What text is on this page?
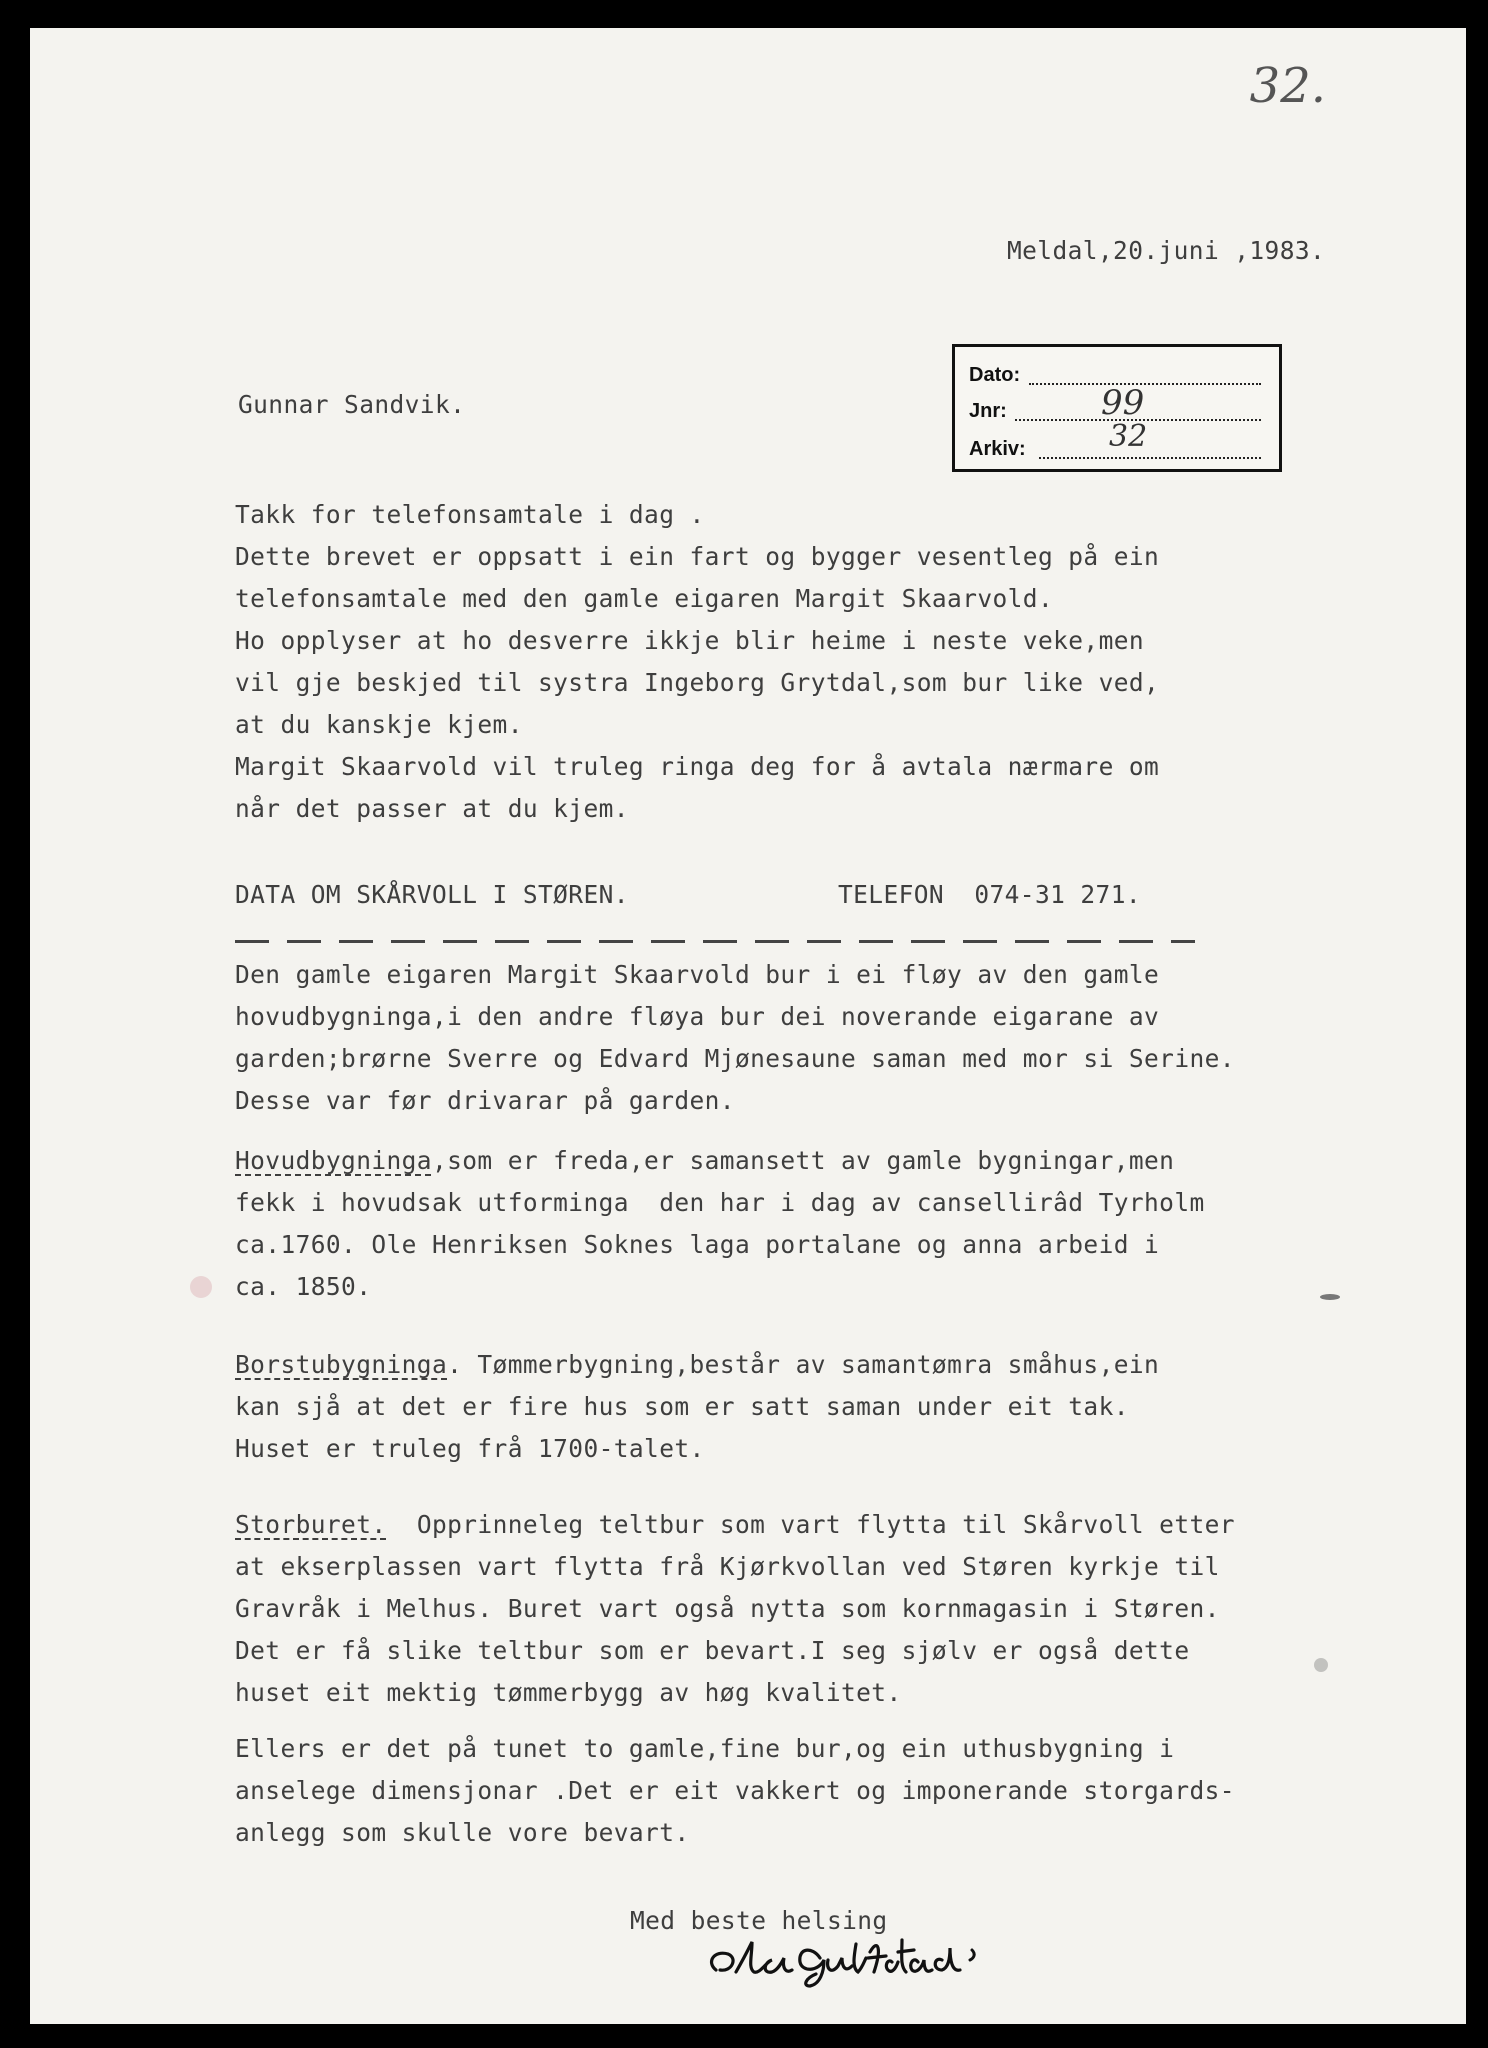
32.
Meldal,20.juni ,1983.
Gunnar Sandvik.
Dato:
Jnr:	99
Arkiv:	32
Takk for telefonsamtale i dag .
Dette brevet er oppsatt i ein fart og bygger vesentleg på ein
telefonsamtale med den gamle eigaren Margit Skaarvold.
Ho opplyser at ho desverre ikkje blir heime i neste veke,men
vil gje beskjed til systra Ingeborg Grytdal,som bur like ved,
at du kanskje kjem.
Margit Skaarvold vil truleg ringa deg for å avtala nærmare om
når det passer at du kjem.
DATA OM SKÅRVOLL I STØREN.	TELEFON  074-31 271.
Den gamle eigaren Margit Skaarvold bur i ei fløy av den gamle
hovudbygninga,i den andre fløya bur dei noverande eigarane av
garden;brørne Sverre og Edvard Mjønesaune saman med mor si Serine.
Desse var før drivarar på garden.
Hovudbygninga,som er freda,er samansett av gamle bygningar,men
fekk i hovudsak utforminga  den har i dag av cansellirâd Tyrholm
ca.1760. Ole Henriksen Soknes laga portalane og anna arbeid i
ca. 1850.
Borstubygninga. Tømmerbygning,består av samantømra småhus,ein
kan sjå at det er fire hus som er satt saman under eit tak.
Huset er truleg frå 1700-talet.
Storburet.  Opprinneleg teltbur som vart flytta til Skårvoll etter
at ekserplassen vart flytta frå Kjørkvollan ved Støren kyrkje til
Gravråk i Melhus. Buret vart også nytta som kornmagasin i Støren.
Det er få slike teltbur som er bevart.I seg sjølv er også dette
huset eit mektig tømmerbygg av høg kvalitet.
Ellers er det på tunet to gamle,fine bur,og ein uthusbygning i
anselege dimensjonar .Det er eit vakkert og imponerande storgards-
anlegg som skulle vore bevart.
Med beste helsing
